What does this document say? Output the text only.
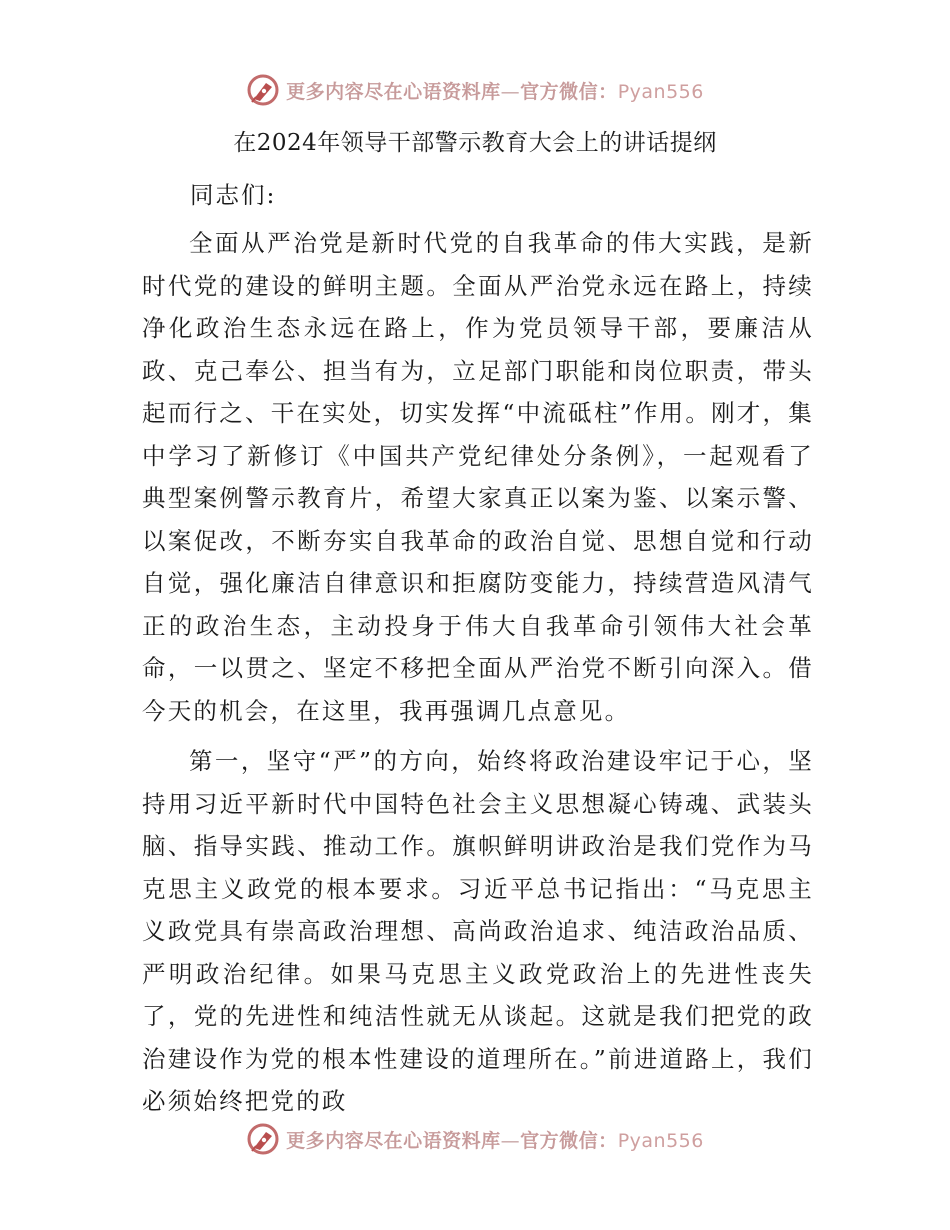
更多内容尽在心语资料库—官方微信：Pyan556
在2024年领导干部警示教育大会上的讲话提纲
同志们:

全面从严治党是新时代党的自我革命的伟大实践，是新时代党的建设的鲜明主题。全面从严治党永远在路上，持续净化政治生态永远在路上，作为党员领导干部，要廉洁从政、克己奉公、担当有为，立足部门职能和岗位职责，带头起而行之、干在实处，切实发挥“中流砥柱”作用。刚才，集中学习了新修订《中国共产党纪律处分条例》，一起观看了典型案例警示教育片，希望大家真正以案为鉴、以案示警、以案促改，不断夯实自我革命的政治自觉、思想自觉和行动自觉，强化廉洁自律意识和拒腐防变能力，持续营造风清气正的政治生态，主动投身于伟大自我革命引领伟大社会革命，一以贯之、坚定不移把全面从严治党不断引向深入。借今天的机会，在这里，我再强调几点意见。

第一，坚守“严”的方向，始终将政治建设牢记于心，坚持用习近平新时代中国特色社会主义思想凝心铸魂、武装头脑、指导实践、推动工作。旗帜鲜明讲政治是我们党作为马克思主义政党的根本要求。习近平总书记指出：“马克思主义政党具有崇高政治理想、高尚政治追求、纯洁政治品质、严明政治纪律。如果马克思主义政党政治上的先进性丧失了，党的先进性和纯洁性就无从谈起。这就是我们把党的政治建设作为党的根本性建设的道理所在。”前进道路上，我们必须始终把党的政

更多内容尽在心语资料库—官方微信：Pyan556
